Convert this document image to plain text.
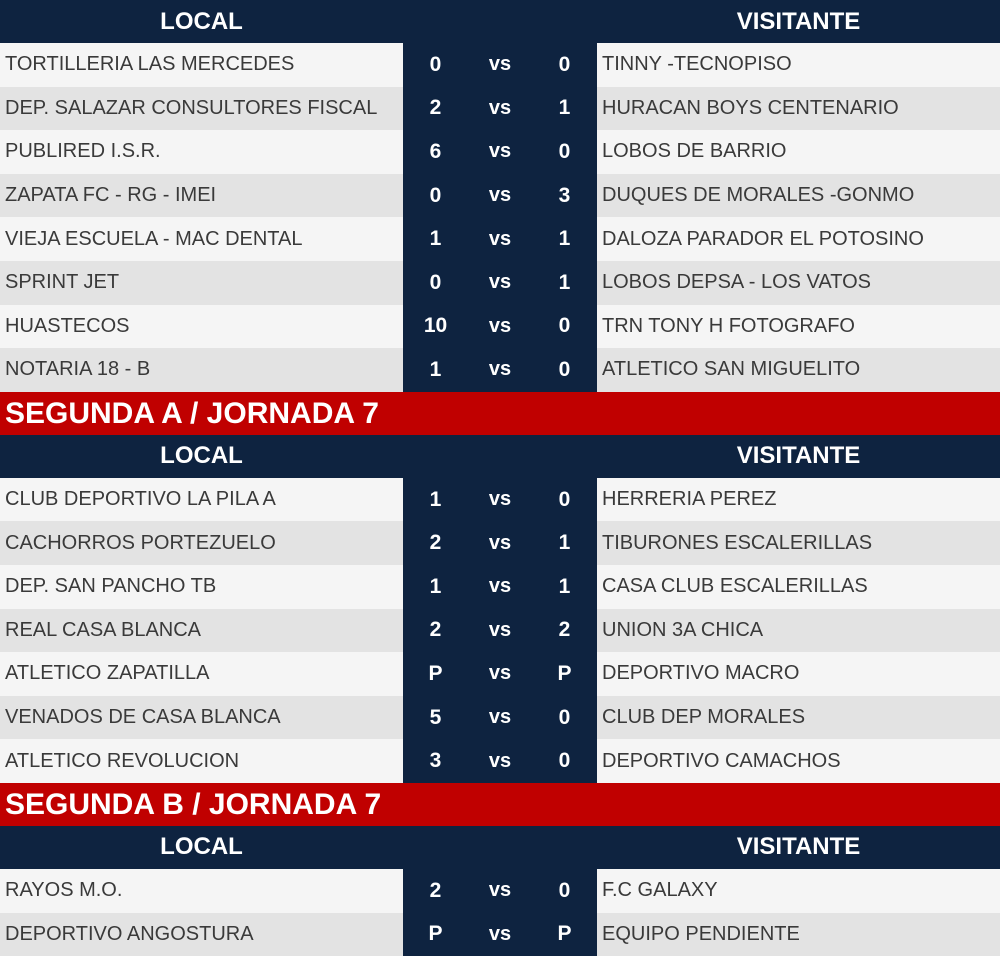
LOCAL	VISITANTE
TORTILLERIA LAS MERCEDES	0	vs	0	TINNY -TECNOPISO
DEP. SALAZAR CONSULTORES FISCAL	2	vs	1	HURACAN BOYS CENTENARIO
PUBLIRED I.S.R.	6	vs	0	LOBOS DE BARRIO
ZAPATA FC - RG - IMEI	0	vs	3	DUQUES DE MORALES -GONMO
VIEJA ESCUELA - MAC DENTAL	1	vs	1	DALOZA PARADOR EL POTOSINO
SPRINT JET	0	vs	1	LOBOS DEPSA - LOS VATOS
HUASTECOS	10	vs	0	TRN TONY H FOTOGRAFO
NOTARIA 18 - B	1	vs	0	ATLETICO SAN MIGUELITO
SEGUNDA A / JORNADA 7
LOCAL	VISITANTE
CLUB DEPORTIVO LA PILA A	1	vs	0	HERRERIA PEREZ
CACHORROS PORTEZUELO	2	vs	1	TIBURONES ESCALERILLAS
DEP. SAN PANCHO TB	1	vs	1	CASA CLUB ESCALERILLAS
REAL CASA BLANCA	2	vs	2	UNION 3A CHICA
ATLETICO ZAPATILLA	P	vs	P	DEPORTIVO MACRO
VENADOS DE CASA BLANCA	5	vs	0	CLUB DEP MORALES
ATLETICO REVOLUCION	3	vs	0	DEPORTIVO CAMACHOS
SEGUNDA B / JORNADA 7
LOCAL	VISITANTE
RAYOS M.O.	2	vs	0	F.C GALAXY
DEPORTIVO ANGOSTURA	P	vs	P	EQUIPO PENDIENTE
